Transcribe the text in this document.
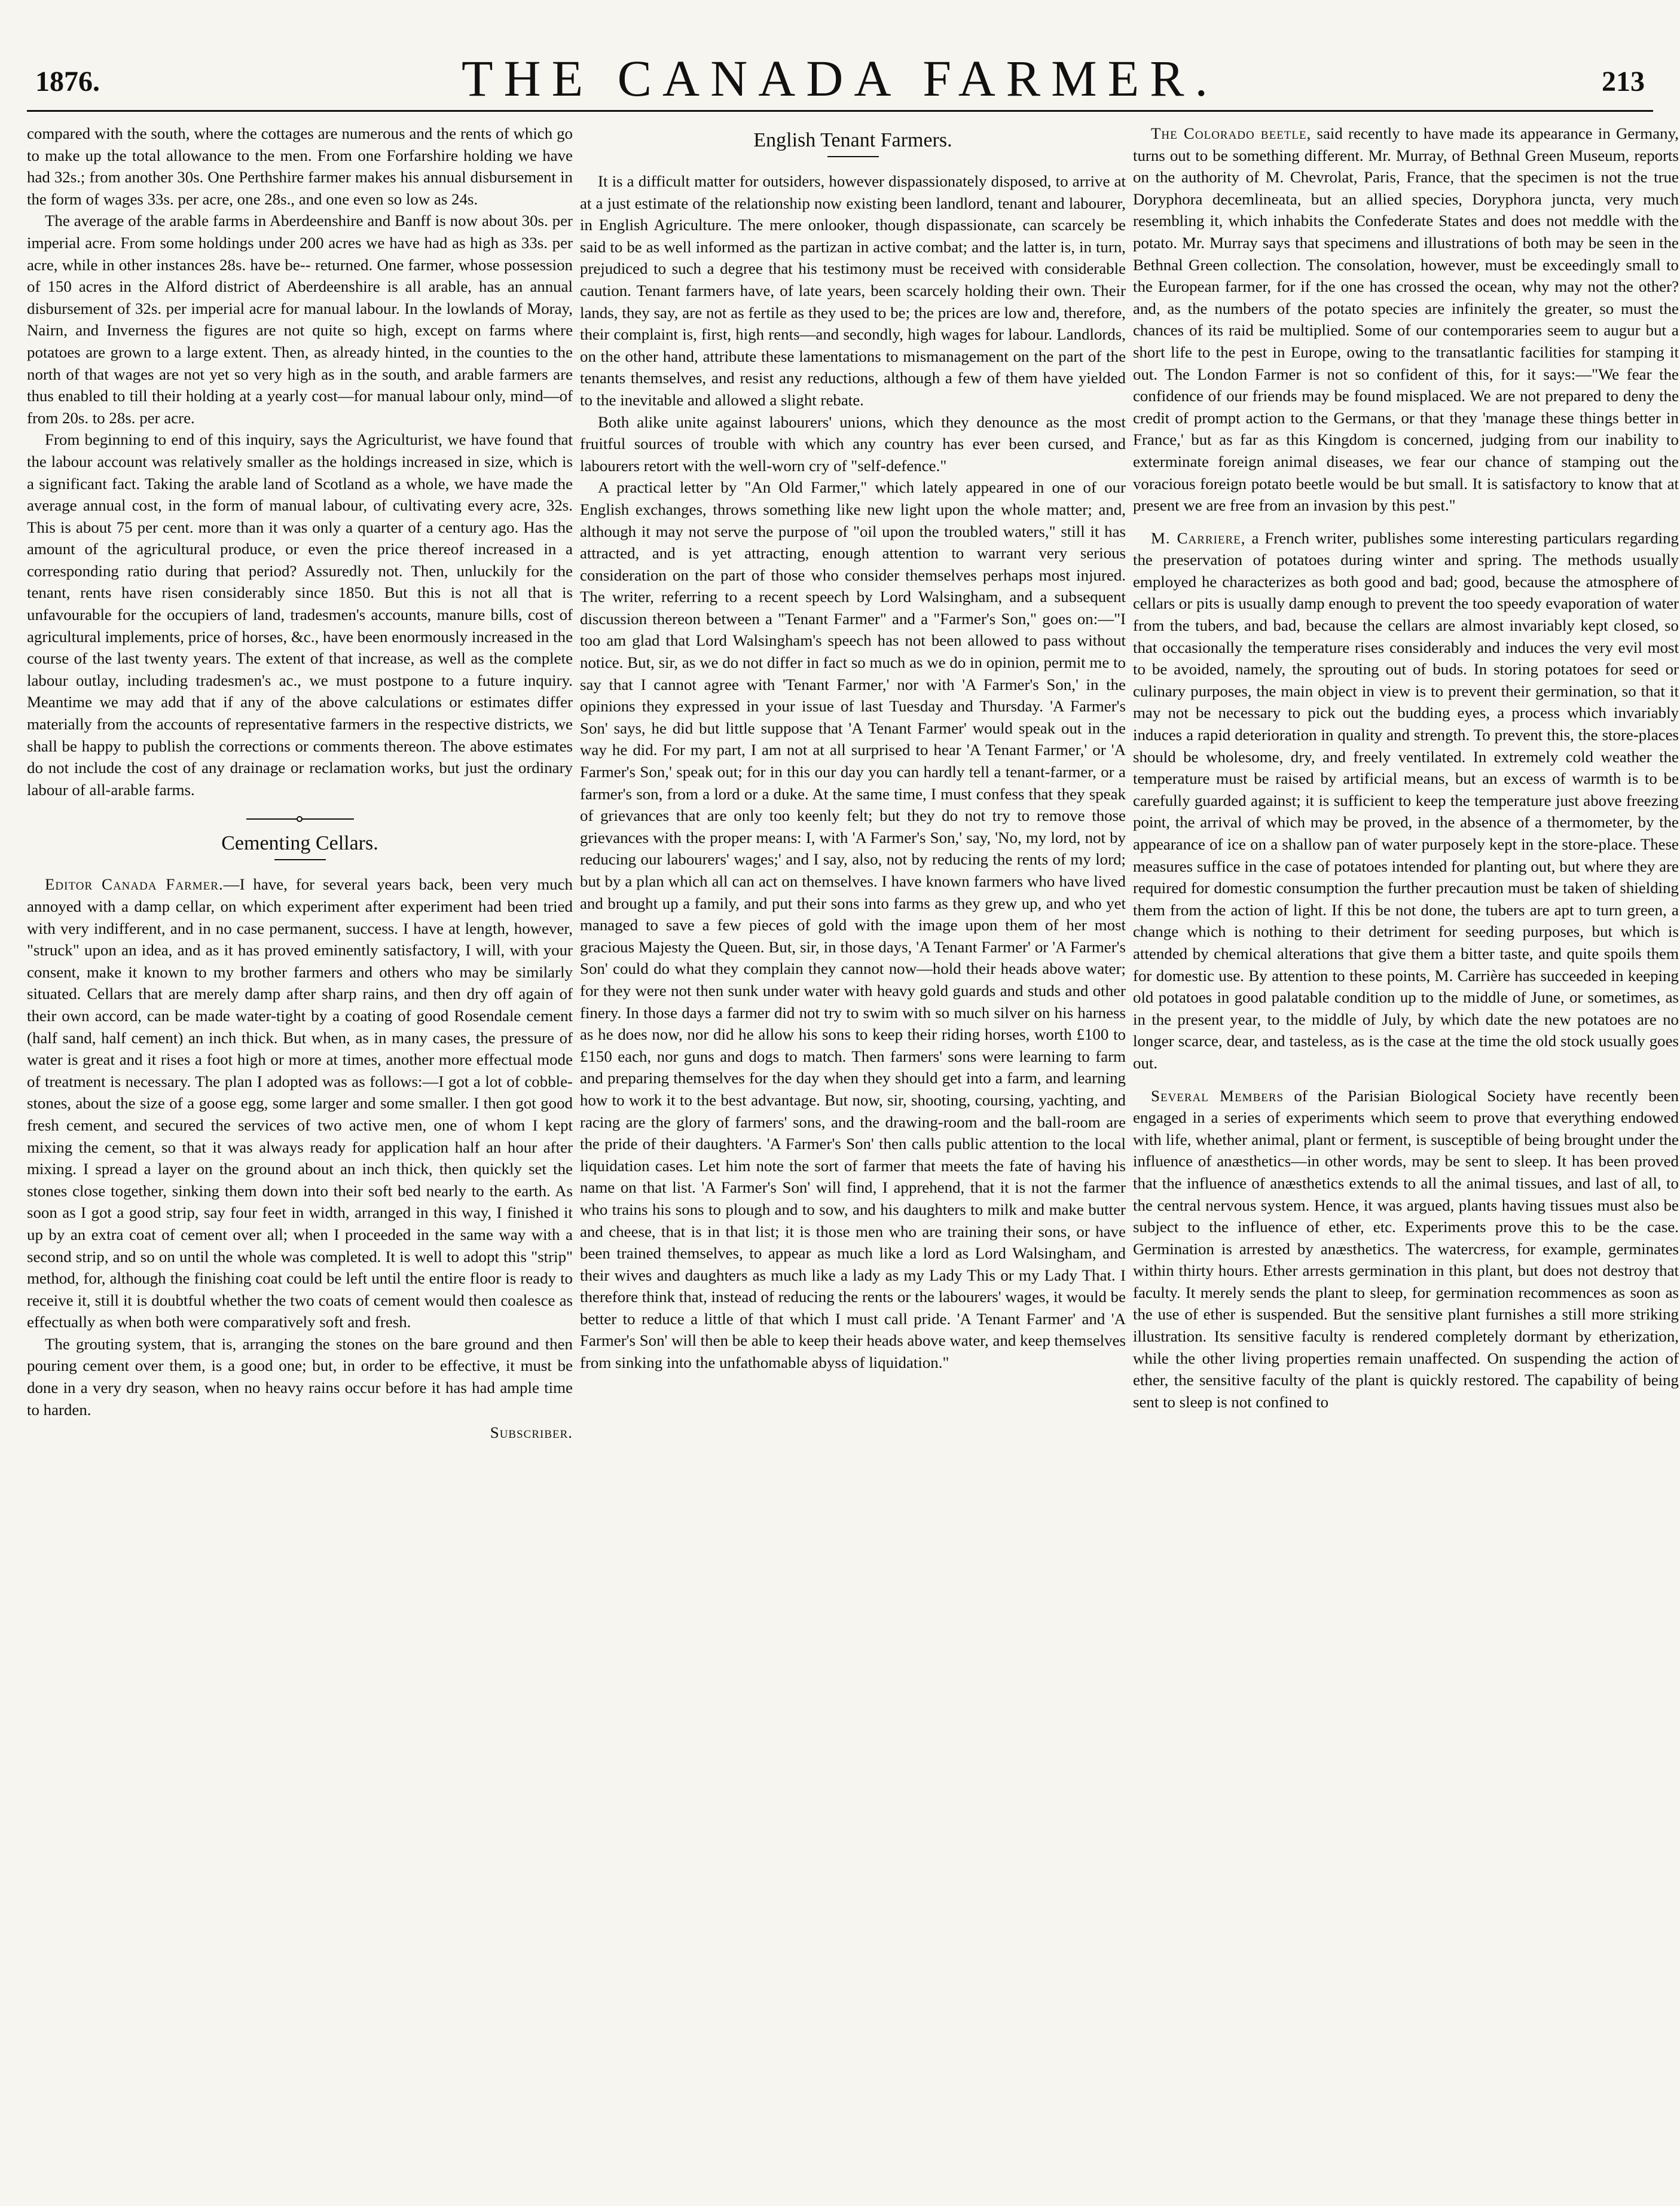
1876.	THE CANADA FARMER.	213

compared with the south, where the cottages are numerous and the rents of which go to make up the total allowance to the men. From one Forfarshire holding we have had 32s.; from another 30s. One Perthshire farmer makes his annual disbursement in the form of wages 33s. per acre, one 28s., and one even so low as 24s.

The average of the arable farms in Aberdeenshire and Banff is now about 30s. per imperial acre. From some holdings under 200 acres we have had as high as 33s. per acre, while in other instances 28s. have be-- returned. One farmer, whose possession of 150 acres in the Alford district of Aberdeenshire is all arable, has an annual disbursement of 32s. per imperial acre for manual labour. In the lowlands of Moray, Nairn, and Inverness the figures are not quite so high, except on farms where potatoes are grown to a large extent. Then, as already hinted, in the counties to the north of that wages are not yet so very high as in the south, and arable farmers are thus enabled to till their holding at a yearly cost—for manual labour only, mind—of from 20s. to 28s. per acre.

From beginning to end of this inquiry, says the Agriculturist, we have found that the labour account was relatively smaller as the holdings increased in size, which is a significant fact. Taking the arable land of Scotland as a whole, we have made the average annual cost, in the form of manual labour, of cultivating every acre, 32s. This is about 75 per cent. more than it was only a quarter of a century ago. Has the amount of the agricultural produce, or even the price thereof increased in a corresponding ratio during that period? Assuredly not. Then, unluckily for the tenant, rents have risen considerably since 1850. But this is not all that is unfavourable for the occupiers of land, tradesmen's accounts, manure bills, cost of agricultural implements, price of horses, &c., have been enormously increased in the course of the last twenty years. The extent of that increase, as well as the complete labour outlay, including tradesmen's ac., we must postpone to a future inquiry. Meantime we may add that if any of the above calculations or estimates differ materially from the accounts of representative farmers in the respective districts, we shall be happy to publish the corrections or comments thereon. The above estimates do not include the cost of any drainage or reclamation works, but just the ordinary labour of all-arable farms.

Cementing Cellars.

Editor Canada Farmer.—I have, for several years back, been very much annoyed with a damp cellar, on which experiment after experiment had been tried with very indifferent, and in no case permanent, success. I have at length, however, "struck" upon an idea, and as it has proved eminently satisfactory, I will, with your consent, make it known to my brother farmers and others who may be similarly situated. Cellars that are merely damp after sharp rains, and then dry off again of their own accord, can be made water-tight by a coating of good Rosendale cement (half sand, half cement) an inch thick. But when, as in many cases, the pressure of water is great and it rises a foot high or more at times, another more effectual mode of treatment is necessary. The plan I adopted was as follows:—I got a lot of cobble-stones, about the size of a goose egg, some larger and some smaller. I then got good fresh cement, and secured the services of two active men, one of whom I kept mixing the cement, so that it was always ready for application half an hour after mixing. I spread a layer on the ground about an inch thick, then quickly set the stones close together, sinking them down into their soft bed nearly to the earth. As soon as I got a good strip, say four feet in width, arranged in this way, I finished it up by an extra coat of cement over all; when I proceeded in the same way with a second strip, and so on until the whole was completed. It is well to adopt this "strip" method, for, although the finishing coat could be left until the entire floor is ready to receive it, still it is doubtful whether the two coats of cement would then coalesce as effectually as when both were comparatively soft and fresh.

The grouting system, that is, arranging the stones on the bare ground and then pouring cement over them, is a good one; but, in order to be effective, it must be done in a very dry season, when no heavy rains occur before it has had ample time to harden.

Subscriber.
English Tenant Farmers.

It is a difficult matter for outsiders, however dispassionately disposed, to arrive at at a just estimate of the relationship now existing been landlord, tenant and labourer, in English Agriculture. The mere onlooker, though dispassionate, can scarcely be said to be as well informed as the partizan in active combat; and the latter is, in turn, prejudiced to such a degree that his testimony must be received with considerable caution. Tenant farmers have, of late years, been scarcely holding their own. Their lands, they say, are not as fertile as they used to be; the prices are low and, therefore, their complaint is, first, high rents—and secondly, high wages for labour. Landlords, on the other hand, attribute these lamentations to mismanagement on the part of the tenants themselves, and resist any reductions, although a few of them have yielded to the inevitable and allowed a slight rebate.

Both alike unite against labourers' unions, which they denounce as the most fruitful sources of trouble with which any country has ever been cursed, and labourers retort with the well-worn cry of "self-defence."

A practical letter by "An Old Farmer," which lately appeared in one of our English exchanges, throws something like new light upon the whole matter; and, although it may not serve the purpose of "oil upon the troubled waters," still it has attracted, and is yet attracting, enough attention to warrant very serious consideration on the part of those who consider themselves perhaps most injured. The writer, referring to a recent speech by Lord Walsingham, and a subsequent discussion thereon between a "Tenant Farmer" and a "Farmer's Son," goes on:—"I too am glad that Lord Walsingham's speech has not been allowed to pass without notice. But, sir, as we do not differ in fact so much as we do in opinion, permit me to say that I cannot agree with 'Tenant Farmer,' nor with 'A Farmer's Son,' in the opinions they expressed in your issue of last Tuesday and Thursday. 'A Farmer's Son' says, he did but little suppose that 'A Tenant Farmer' would speak out in the way he did. For my part, I am not at all surprised to hear 'A Tenant Farmer,' or 'A Farmer's Son,' speak out; for in this our day you can hardly tell a tenant-farmer, or a farmer's son, from a lord or a duke. At the same time, I must confess that they speak of grievances that are only too keenly felt; but they do not try to remove those grievances with the proper means: I, with 'A Farmer's Son,' say, 'No, my lord, not by reducing our labourers' wages;' and I say, also, not by reducing the rents of my lord; but by a plan which all can act on themselves. I have known farmers who have lived and brought up a family, and put their sons into farms as they grew up, and who yet managed to save a few pieces of gold with the image upon them of her most gracious Majesty the Queen. But, sir, in those days, 'A Tenant Farmer' or 'A Farmer's Son' could do what they complain they cannot now—hold their heads above water; for they were not then sunk under water with heavy gold guards and studs and other finery. In those days a farmer did not try to swim with so much silver on his harness as he does now, nor did he allow his sons to keep their riding horses, worth £100 to £150 each, nor guns and dogs to match. Then farmers' sons were learning to farm and preparing themselves for the day when they should get into a farm, and learning how to work it to the best advantage. But now, sir, shooting, coursing, yachting, and racing are the glory of farmers' sons, and the drawing-room and the ball-room are the pride of their daughters. 'A Farmer's Son' then calls public attention to the local liquidation cases. Let him note the sort of farmer that meets the fate of having his name on that list. 'A Farmer's Son' will find, I apprehend, that it is not the farmer who trains his sons to plough and to sow, and his daughters to milk and make butter and cheese, that is in that list; it is those men who are training their sons, or have been trained themselves, to appear as much like a lord as Lord Walsingham, and their wives and daughters as much like a lady as my Lady This or my Lady That. I therefore think that, instead of reducing the rents or the labourers' wages, it would be better to reduce a little of that which I must call pride. 'A Tenant Farmer' and 'A Farmer's Son' will then be able to keep their heads above water, and keep themselves from sinking into the unfathomable abyss of liquidation."

The Colorado beetle, said recently to have made its appearance in Germany, turns out to be something different. Mr. Murray, of Bethnal Green Museum, reports on the authority of M. Chevrolat, Paris, France, that the specimen is not the true Doryphora decemlineata, but an allied species, Doryphora juncta, very much resembling it, which inhabits the Confederate States and does not meddle with the potato. Mr. Murray says that specimens and illustrations of both may be seen in the Bethnal Green collection. The consolation, however, must be exceedingly small to the European farmer, for if the one has crossed the ocean, why may not the other? and, as the numbers of the potato species are infinitely the greater, so must the chances of its raid be multiplied. Some of our contemporaries seem to augur but a short life to the pest in Europe, owing to the transatlantic facilities for stamping it out. The London Farmer is not so confident of this, for it says:—"We fear the confidence of our friends may be found misplaced. We are not prepared to deny the credit of prompt action to the Germans, or that they 'manage these things better in France,' but as far as this Kingdom is concerned, judging from our inability to exterminate foreign animal diseases, we fear our chance of stamping out the voracious foreign potato beetle would be but small. It is satisfactory to know that at present we are free from an invasion by this pest."

M. Carriere, a French writer, publishes some interesting particulars regarding the preservation of potatoes during winter and spring. The methods usually employed he characterizes as both good and bad; good, because the atmosphere of cellars or pits is usually damp enough to prevent the too speedy evaporation of water from the tubers, and bad, because the cellars are almost invariably kept closed, so that occasionally the temperature rises considerably and induces the very evil most to be avoided, namely, the sprouting out of buds. In storing potatoes for seed or culinary purposes, the main object in view is to prevent their germination, so that it may not be necessary to pick out the budding eyes, a process which invariably induces a rapid deterioration in quality and strength. To prevent this, the store-places should be wholesome, dry, and freely ventilated. In extremely cold weather the temperature must be raised by artificial means, but an excess of warmth is to be carefully guarded against; it is sufficient to keep the temperature just above freezing point, the arrival of which may be proved, in the absence of a thermometer, by the appearance of ice on a shallow pan of water purposely kept in the store-place. These measures suffice in the case of potatoes intended for planting out, but where they are required for domestic consumption the further precaution must be taken of shielding them from the action of light. If this be not done, the tubers are apt to turn green, a change which is nothing to their detriment for seeding purposes, but which is attended by chemical alterations that give them a bitter taste, and quite spoils them for domestic use. By attention to these points, M. Carrière has succeeded in keeping old potatoes in good palatable condition up to the middle of June, or sometimes, as in the present year, to the middle of July, by which date the new potatoes are no longer scarce, dear, and tasteless, as is the case at the time the old stock usually goes out.

Several Members of the Parisian Biological Society have recently been engaged in a series of experiments which seem to prove that everything endowed with life, whether animal, plant or ferment, is susceptible of being brought under the influence of anæsthetics—in other words, may be sent to sleep. It has been proved that the influence of anæsthetics extends to all the animal tissues, and last of all, to the central nervous system. Hence, it was argued, plants having tissues must also be subject to the influence of ether, etc. Experiments prove this to be the case. Germination is arrested by anæsthetics. The watercress, for example, germinates within thirty hours. Ether arrests germination in this plant, but does not destroy that faculty. It merely sends the plant to sleep, for germination recommences as soon as the use of ether is suspended. But the sensitive plant furnishes a still more striking illustration. Its sensitive faculty is rendered completely dormant by etherization, while the other living properties remain unaffected. On suspending the action of ether, the sensitive faculty of the plant is quickly restored. The capability of being sent to sleep is not confined to
